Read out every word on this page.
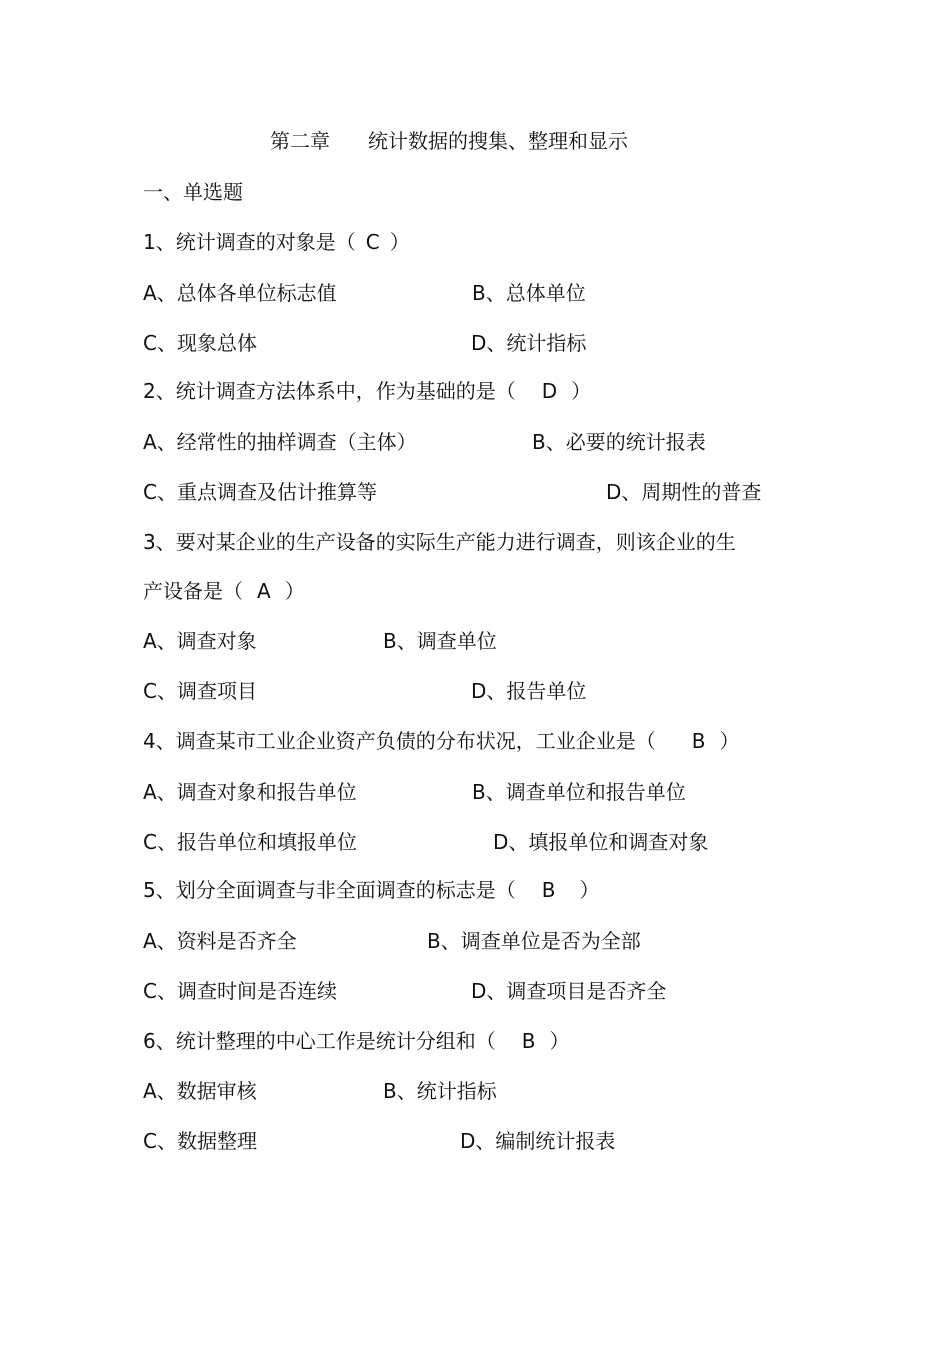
第二章 统计数据的搜集、整理和显示
一、单选题
1、统计调查的对象是（ C ）
A、总体各单位标志值	B、总体单位
C、现象总体	D、统计指标
2、统计调查方法体系中，作为基础的是（ D ）
A、经常性的抽样调查（主体）	B、必要的统计报表
C、重点调查及估计推算等	D、周期性的普查
3、要对某企业的生产设备的实际生产能力进行调查，则该企业的生
产设备是（ A ）
A、调查对象	B、调查单位
C、调查项目	D、报告单位
4、调查某市工业企业资产负债的分布状况，工业企业是（ B ）
A、调查对象和报告单位	B、调查单位和报告单位
C、报告单位和填报单位	D、填报单位和调查对象
5、划分全面调查与非全面调查的标志是（ B ）
A、资料是否齐全	B、调查单位是否为全部
C、调查时间是否连续	D、调查项目是否齐全
6、统计整理的中心工作是统计分组和（ B ）
A、数据审核	B、统计指标
C、数据整理	D、编制统计报表
